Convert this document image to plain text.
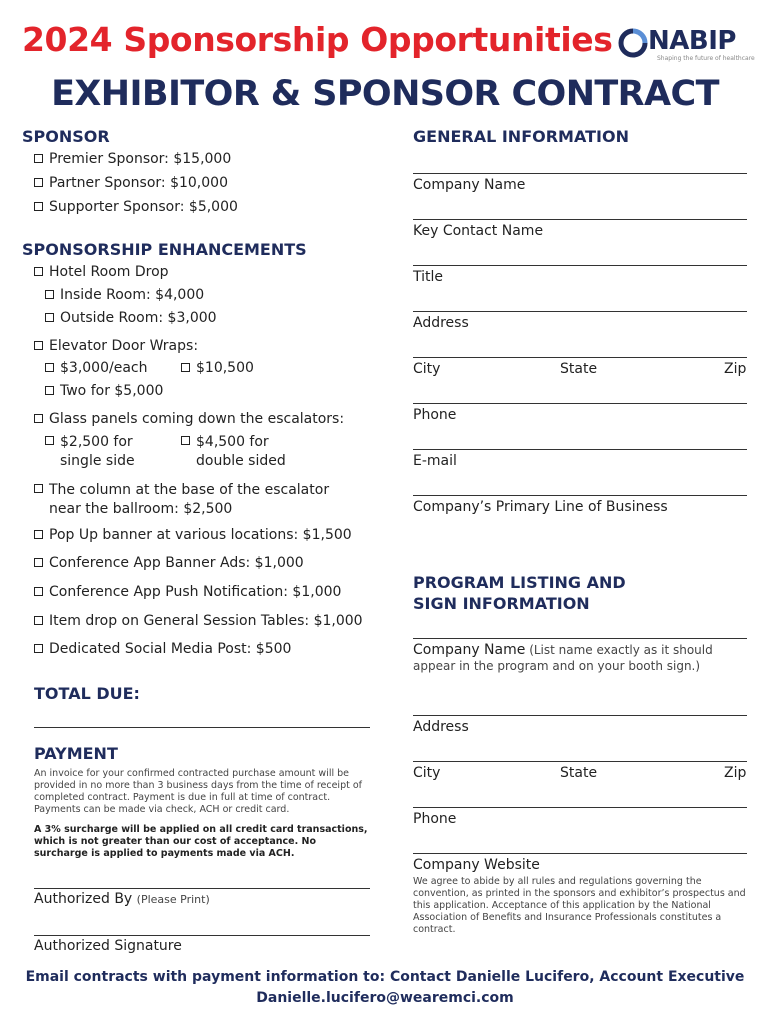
2024 Sponsorship Opportunities NABIP
Shaping the future of healthcare
EXHIBITOR & SPONSOR CONTRACT
SPONSOR
Premier Sponsor: $15,000
Partner Sponsor: $10,000
Supporter Sponsor: $5,000
SPONSORSHIP ENHANCEMENTS
Hotel Room Drop
Inside Room: $4,000
Outside Room: $3,000
Elevator Door Wraps:
$3,000/each	$10,500
Two for $5,000
Glass panels coming down the escalators:
$2,500 for
single side
$4,500 for
double sided
The column at the base of the escalator
near the ballroom: $2,500
Pop Up banner at various locations: $1,500
Conference App Banner Ads: $1,000
Conference App Push Notification: $1,000
Item drop on General Session Tables: $1,000
Dedicated Social Media Post: $500
TOTAL DUE:
PAYMENT
An invoice for your confirmed contracted purchase amount will be provided in no more than 3 business days from the time of receipt of completed contract. Payment is due in full at time of contract. Payments can be made via check, ACH or credit card.
A 3% surcharge will be applied on all credit card transactions, which is not greater than our cost of acceptance. No surcharge is applied to payments made via ACH.
Authorized By (Please Print)
Authorized Signature
GENERAL INFORMATION
Company Name
Key Contact Name
Title
Address
City	State	Zip
Phone
E-mail
Company’s Primary Line of Business
PROGRAM LISTING AND
SIGN INFORMATION
Company Name (List name exactly as it should appear in the program and on your booth sign.)
Address
City	State	Zip
Phone
Company Website
We agree to abide by all rules and regulations governing the convention, as printed in the sponsors and exhibitor’s prospectus and this application. Acceptance of this application by the National Association of Benefits and Insurance Professionals constitutes a contract.
Email contracts with payment information to: Contact Danielle Lucifero, Account Executive
Danielle.lucifero@wearemci.com
